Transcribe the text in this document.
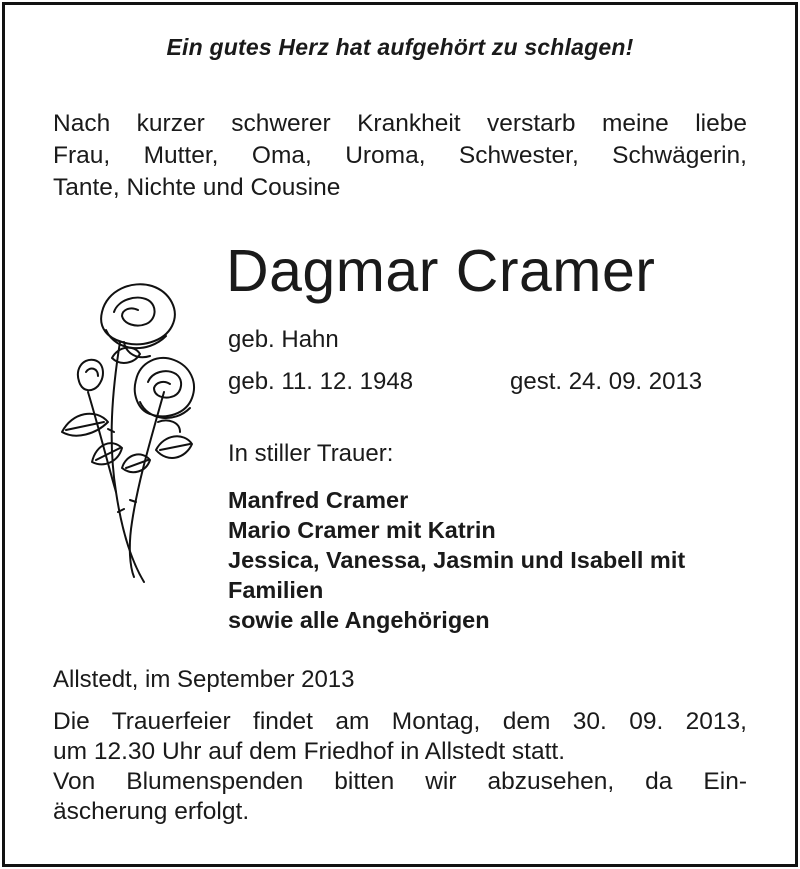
Ein gutes Herz hat aufgehört zu schlagen!
Nach kurzer schwerer Krankheit verstarb meine liebe
Frau, Mutter, Oma, Uroma, Schwester, Schwägerin,
Tante, Nichte und Cousine
Dagmar Cramer
geb. Hahn
geb. 11. 12. 1948	gest. 24. 09. 2013
In stiller Trauer:
Manfred Cramer
Mario Cramer mit Katrin
Jessica, Vanessa, Jasmin und Isabell mit
Familien
sowie alle Angehörigen
Allstedt, im September 2013
Die Trauerfeier findet am Montag, dem 30. 09. 2013,
um 12.30 Uhr auf dem Friedhof in Allstedt statt.
Von Blumenspenden bitten wir abzusehen, da Ein-
äscherung erfolgt.
